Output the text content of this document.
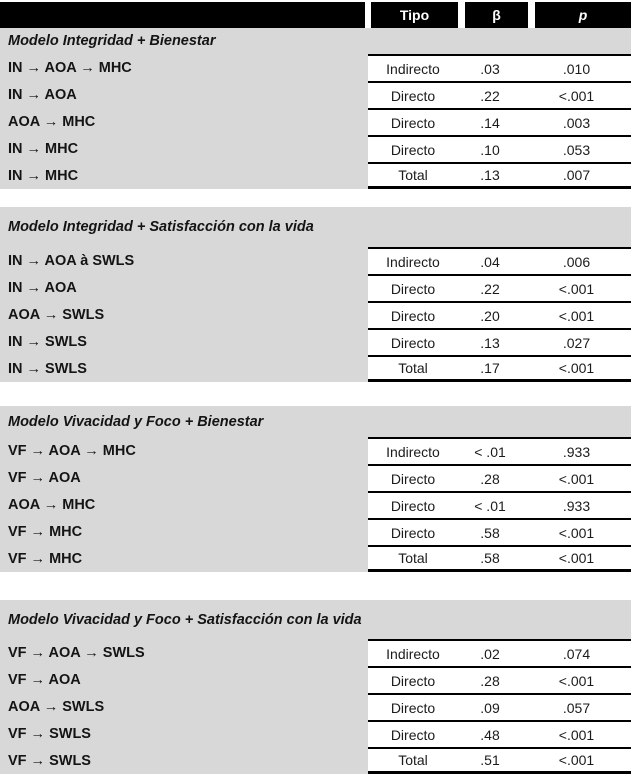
Tipo	β	p
Modelo Integridad + Bienestar
IN → AOA → MHC	Indirecto	.03	.010
IN → AOA	Directo	.22	<.001
AOA → MHC	Directo	.14	.003
IN → MHC	Directo	.10	.053
IN → MHC	Total	.13	.007
Modelo Integridad + Satisfacción con la vida
IN → AOA à SWLS	Indirecto	.04	.006
IN → AOA	Directo	.22	<.001
AOA → SWLS	Directo	.20	<.001
IN → SWLS	Directo	.13	.027
IN → SWLS	Total	.17	<.001
Modelo Vivacidad y Foco + Bienestar
VF → AOA → MHC	Indirecto	< .01	.933
VF → AOA	Directo	.28	<.001
AOA → MHC	Directo	< .01	.933
VF → MHC	Directo	.58	<.001
VF → MHC	Total	.58	<.001
Modelo Vivacidad y Foco + Satisfacción con la vida
VF → AOA → SWLS	Indirecto	.02	.074
VF → AOA	Directo	.28	<.001
AOA → SWLS	Directo	.09	.057
VF → SWLS	Directo	.48	<.001
VF → SWLS	Total	.51	<.001
